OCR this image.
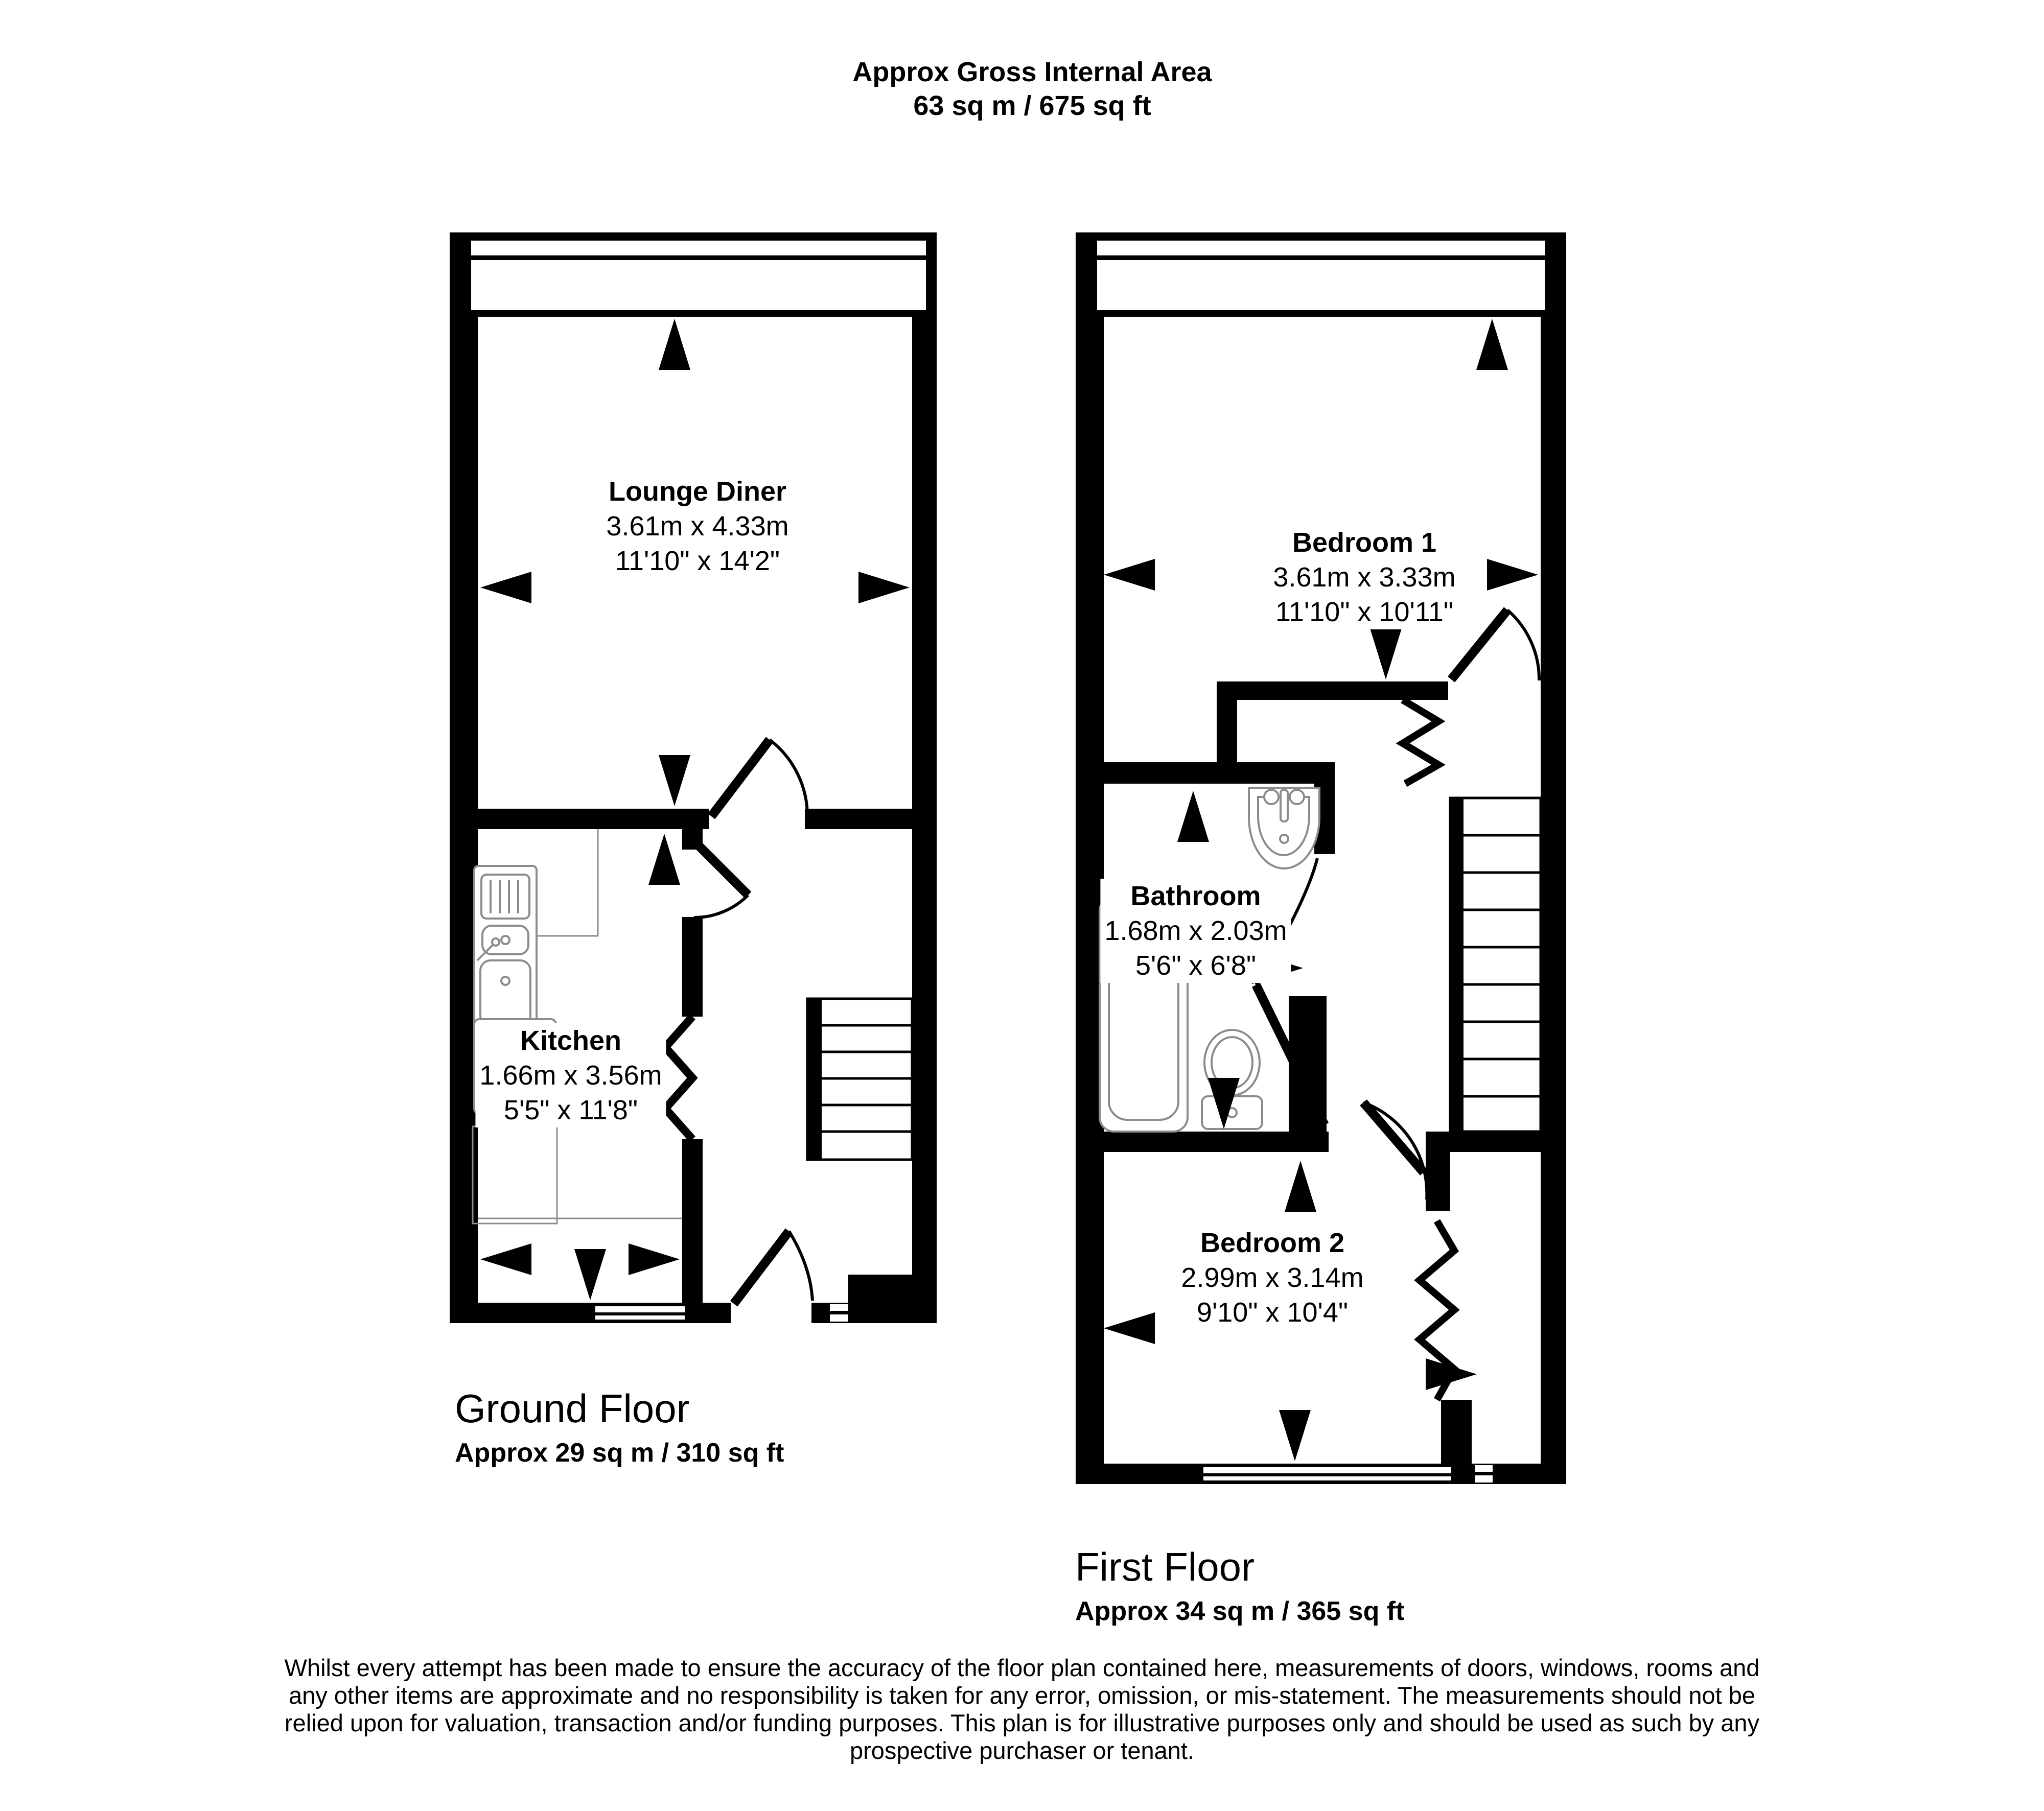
Approx Gross Internal Area
63 sq m / 675 sq ft
Lounge Diner
3.61m x 4.33m
11'10" x 14'2"
Kitchen
1.66m x 3.56m
5'5" x 11'8"
Bedroom 1
3.61m x 3.33m
11'10" x 10'11"
Bathroom
1.68m x 2.03m
5'6" x 6'8"
Bedroom 2
2.99m x 3.14m
9'10" x 10'4"
Ground Floor
Approx 29 sq m / 310 sq ft
First Floor
Approx 34 sq m / 365 sq ft
Whilst every attempt has been made to ensure the accuracy of the floor plan contained here, measurements of doors, windows, rooms and
any other items are approximate and no responsibility is taken for any error, omission, or mis-statement. The measurements should not be
relied upon for valuation, transaction and/or funding purposes. This plan is for illustrative purposes only and should be used as such by any
prospective purchaser or tenant.
